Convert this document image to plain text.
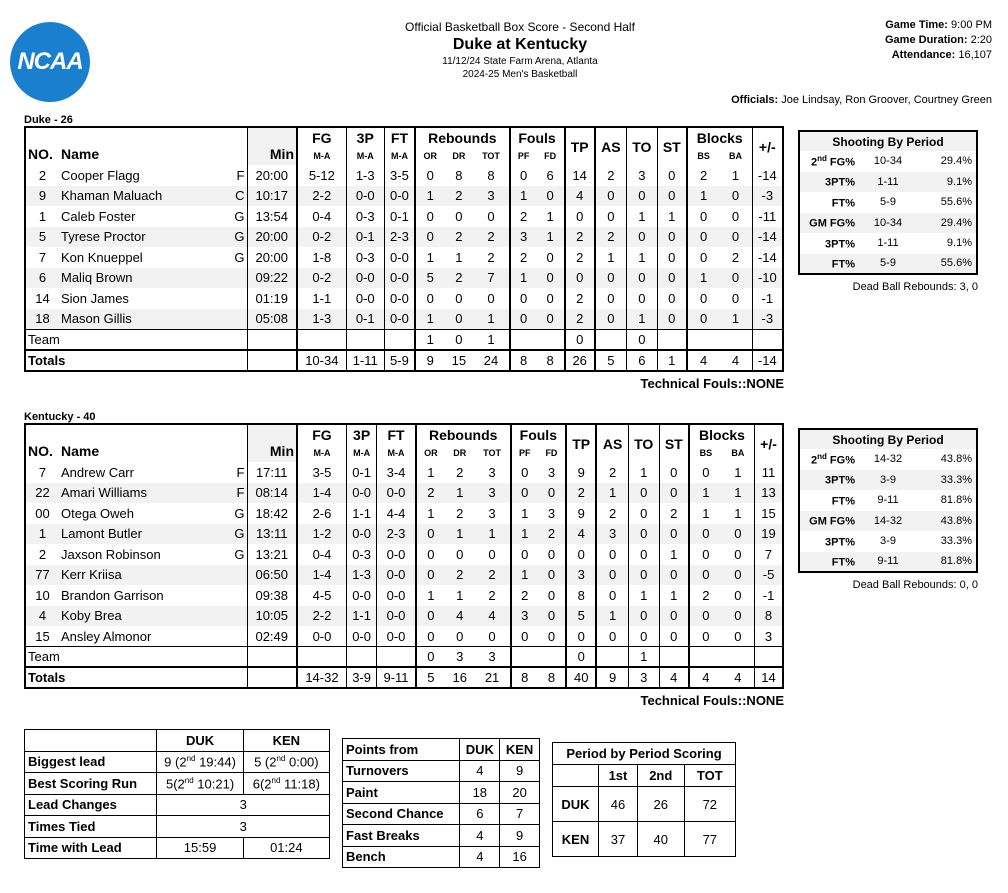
NCAA
Official Basketball Box Score - Second Half
Duke at Kentucky
11/12/24 State Farm Arena, Atlanta
2024-25 Men's Basketball
Game Time: 9:00 PM
Game Duration: 2:20
Attendance: 16,107
Officials: Joe Lindsay, Ron Groover, Courtney Green
Duke - 26
NO.	Name	Min	FG	3P	FT	Rebounds			Fouls		TP	AS	TO	ST	Blocks		+/-
			M-A	M-A	M-A	OR	DR	TOT	PF	FD					BS	BA	
2	Cooper Flagg F	20:00	5-12	1-3	3-5	0	8	8	0	6	14	2	3	0	2	1	-14
9	Khaman Maluach C	10:17	2-2	0-0	0-0	1	2	3	1	0	4	0	0	0	1	0	-3
1	Caleb Foster G	13:54	0-4	0-3	0-1	0	0	0	2	1	0	0	1	1	0	0	-11
5	Tyrese Proctor G	20:00	0-2	0-1	2-3	0	2	2	3	1	2	2	0	0	0	0	-14
7	Kon Knueppel G	20:00	1-8	0-3	0-0	1	1	2	2	0	2	1	1	0	0	2	-14
6	Maliq Brown	09:22	0-2	0-0	0-0	5	2	7	1	0	0	0	0	0	1	0	-10
14	Sion James	01:19	1-1	0-0	0-0	0	0	0	0	0	2	0	0	0	0	0	-1
18	Mason Gillis	05:08	1-3	0-1	0-0	1	0	1	0	0	2	0	1	0	0	1	-3
Team						1	0	1			0		0				
Totals			10-34	1-11	5-9	9	15	24	8	8	26	5	6	1	4	4	-14
Technical Fouls::NONE
Kentucky - 40
NO.	Name	Min	FG	3P	FT	Rebounds			Fouls		TP	AS	TO	ST	Blocks		+/-
			M-A	M-A	M-A	OR	DR	TOT	PF	FD					BS	BA	
7	Andrew Carr F	17:11	3-5	0-1	3-4	1	2	3	0	3	9	2	1	0	0	1	11
22	Amari Williams F	08:14	1-4	0-0	0-0	2	1	3	0	0	2	1	0	0	1	1	13
00	Otega Oweh G	18:42	2-6	1-1	4-4	1	2	3	1	3	9	2	0	2	1	1	15
1	Lamont Butler G	13:11	1-2	0-0	2-3	0	1	1	1	2	4	3	0	0	0	0	19
2	Jaxson Robinson G	13:21	0-4	0-3	0-0	0	0	0	0	0	0	0	0	1	0	0	7
77	Kerr Kriisa	06:50	1-4	1-3	0-0	0	2	2	1	0	3	0	0	0	0	0	-5
10	Brandon Garrison	09:38	4-5	0-0	0-0	1	1	2	2	0	8	0	1	1	2	0	-1
4	Koby Brea	10:05	2-2	1-1	0-0	0	4	4	3	0	5	1	0	0	0	0	8
15	Ansley Almonor	02:49	0-0	0-0	0-0	0	0	0	0	0	0	0	0	0	0	0	3
Team						0	3	3			0		1				
Totals			14-32	3-9	9-11	5	16	21	8	8	40	9	3	4	4	4	14
Technical Fouls::NONE
Shooting By Period		
2nd FG%	10-34	29.4%
3PT%	1-11	9.1%
FT%	5-9	55.6%
GM FG%	10-34	29.4%
3PT%	1-11	9.1%
FT%	5-9	55.6%
Dead Ball Rebounds: 3, 0
Shooting By Period		
2nd FG%	14-32	43.8%
3PT%	3-9	33.3%
FT%	9-11	81.8%
GM FG%	14-32	43.8%
3PT%	3-9	33.3%
FT%	9-11	81.8%
Dead Ball Rebounds: 0, 0
	DUK	KEN
Biggest lead	9 (2nd 19:44)	5 (2nd 0:00)
Best Scoring Run	5(2nd 10:21)	6(2nd 11:18)
Lead Changes	3	
Times Tied	3	
Time with Lead	15:59	01:24
Points from	DUK	KEN
Turnovers	4	9
Paint	18	20
Second Chance	6	7
Fast Breaks	4	9
Bench	4	16
Period by Period Scoring			
	1st	2nd	TOT
DUK	46	26	72
KEN	37	40	77
